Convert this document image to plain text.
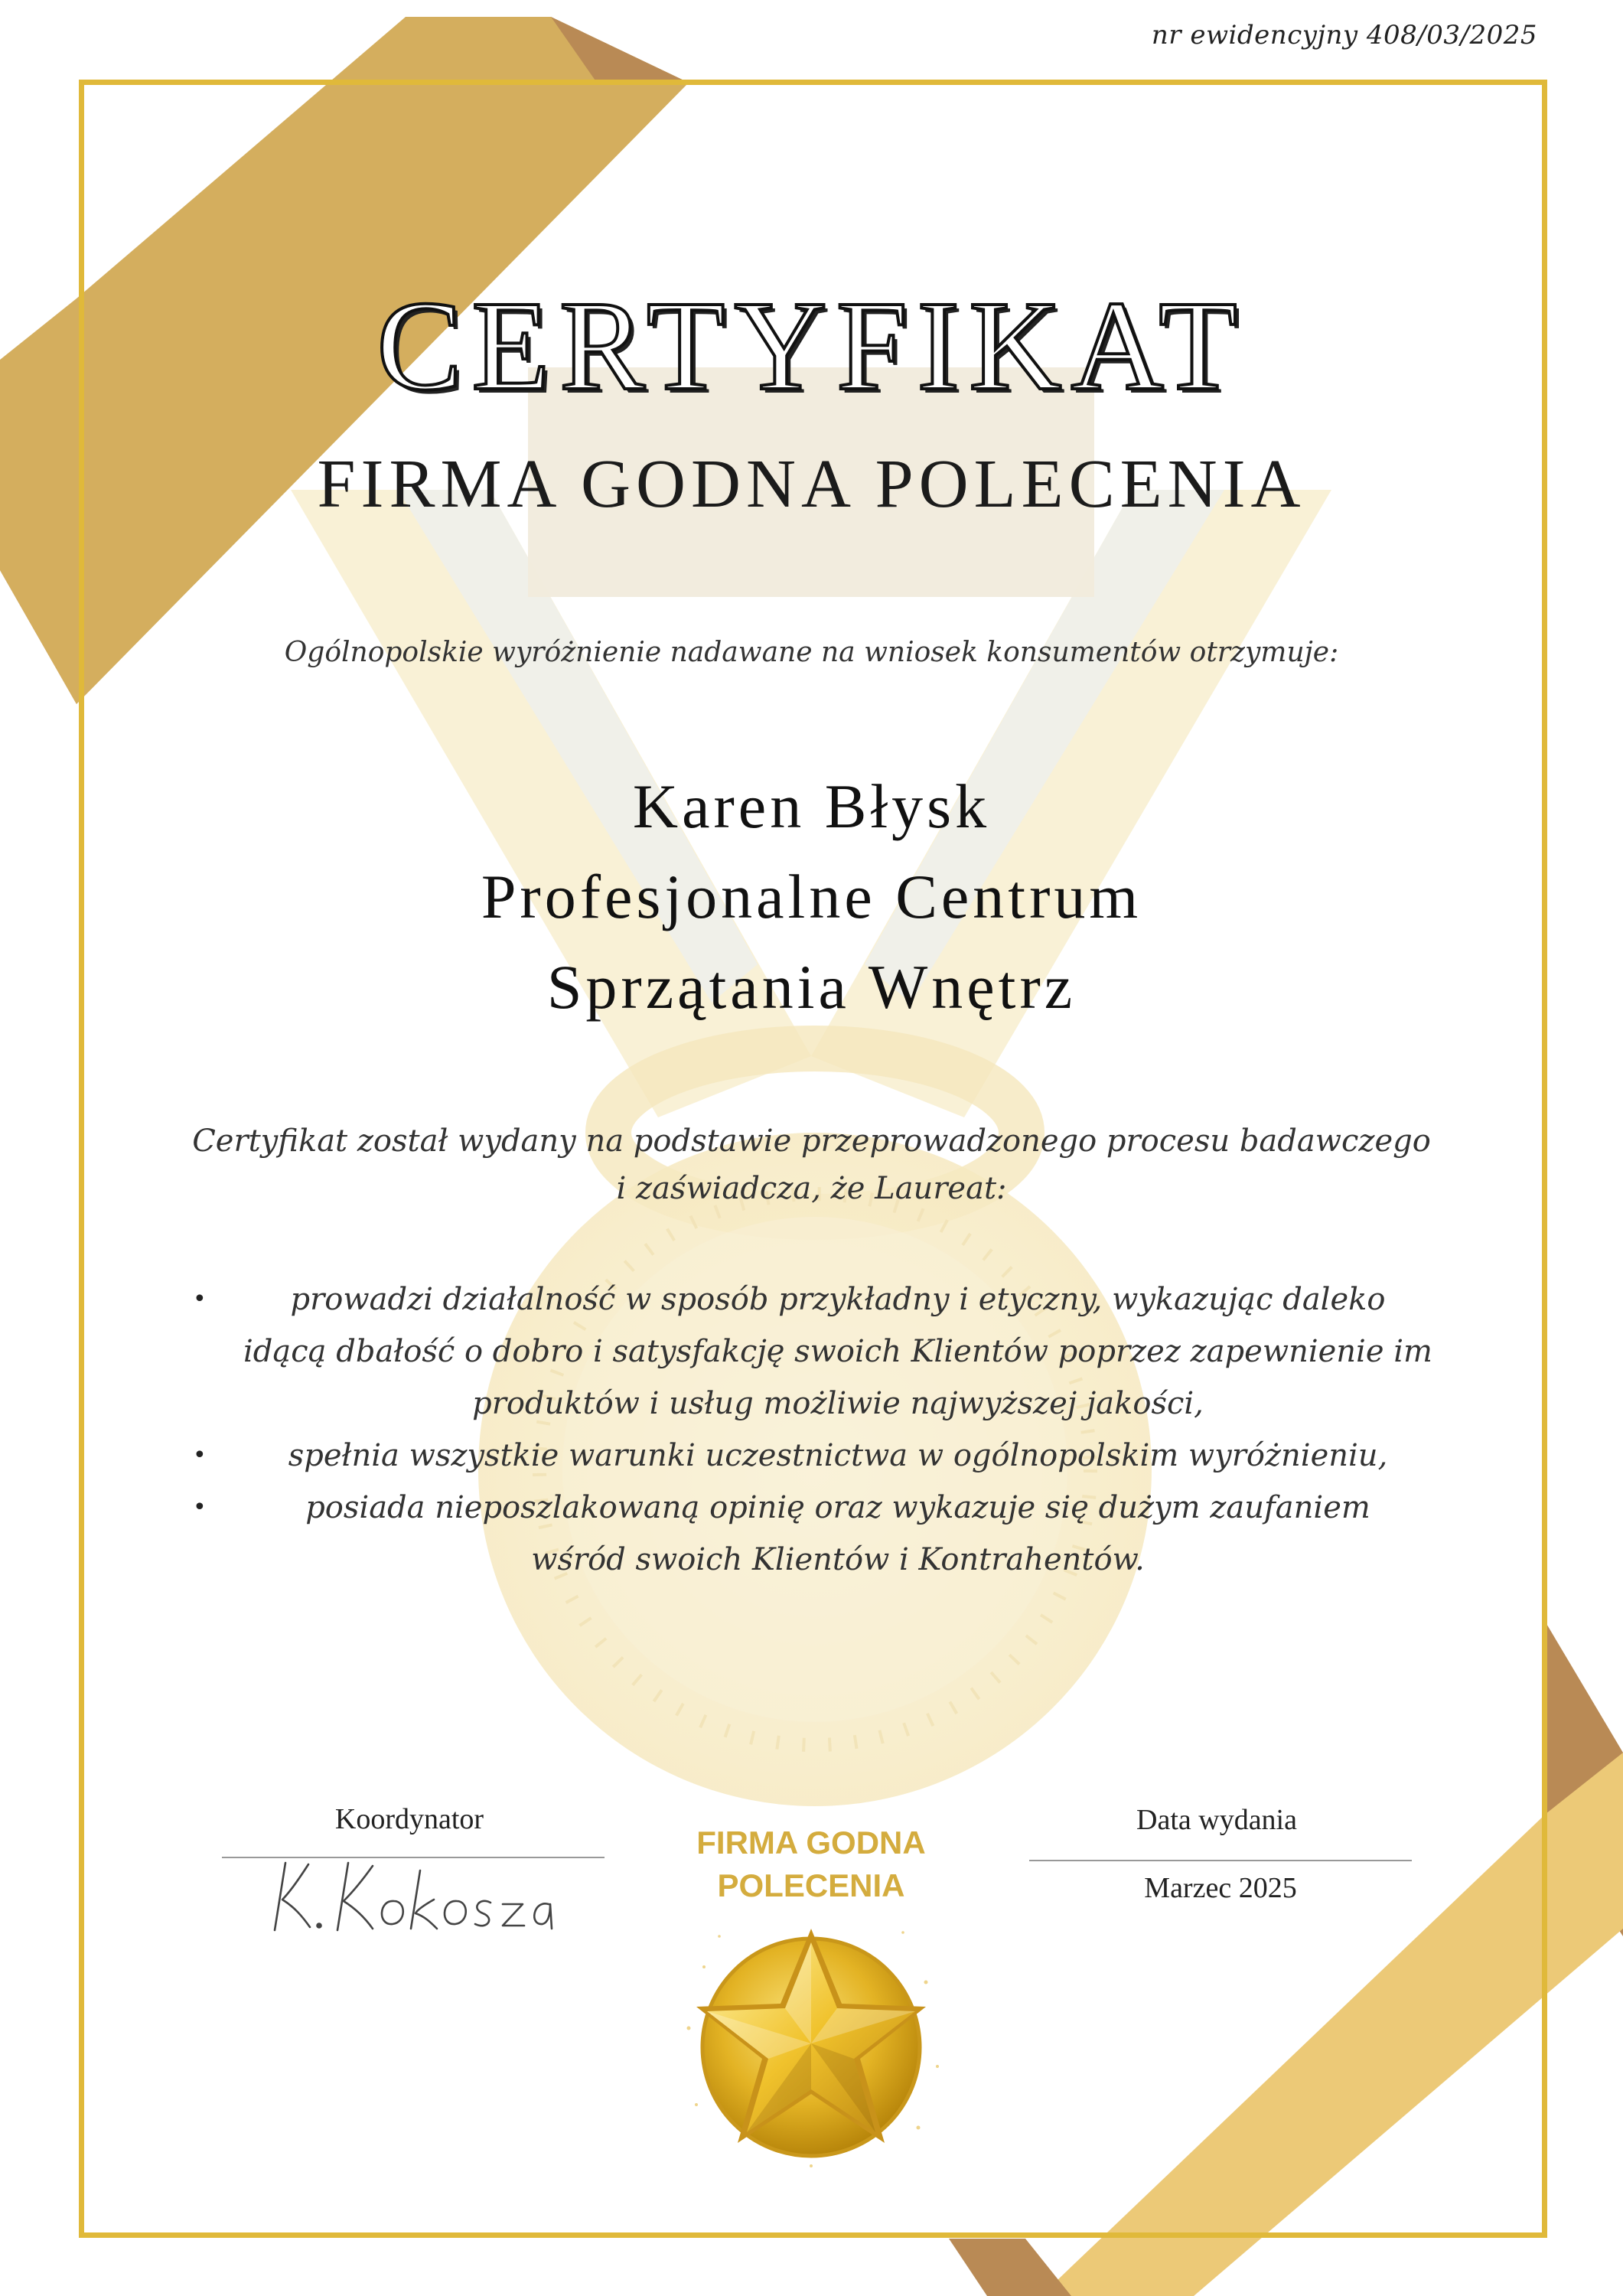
nr ewidencyjny 408/03/2025
CERTYFIKAT
FIRMA GODNA POLECENIA
Ogólnopolskie wyróżnienie nadawane na wniosek konsumentów otrzymuje:
Karen Błysk
Profesjonalne Centrum
Sprzątania Wnętrz
Certyfikat został wydany na podstawie przeprowadzonego procesu badawczego
i zaświadcza, że Laureat:
•	prowadzi działalność w sposób przykładny i etyczny, wykazując daleko
idącą dbałość o dobro i satysfakcję swoich Klientów poprzez zapewnienie im
produktów i usług możliwie najwyższej jakości,
•	spełnia wszystkie warunki uczestnictwa w ogólnopolskim wyróżnieniu,
•	posiada nieposzlakowaną opinię oraz wykazuje się dużym zaufaniem
wśród swoich Klientów i Kontrahentów.
Koordynator	Data wydania
Marzec 2025
FIRMA GODNA
POLECENIA
